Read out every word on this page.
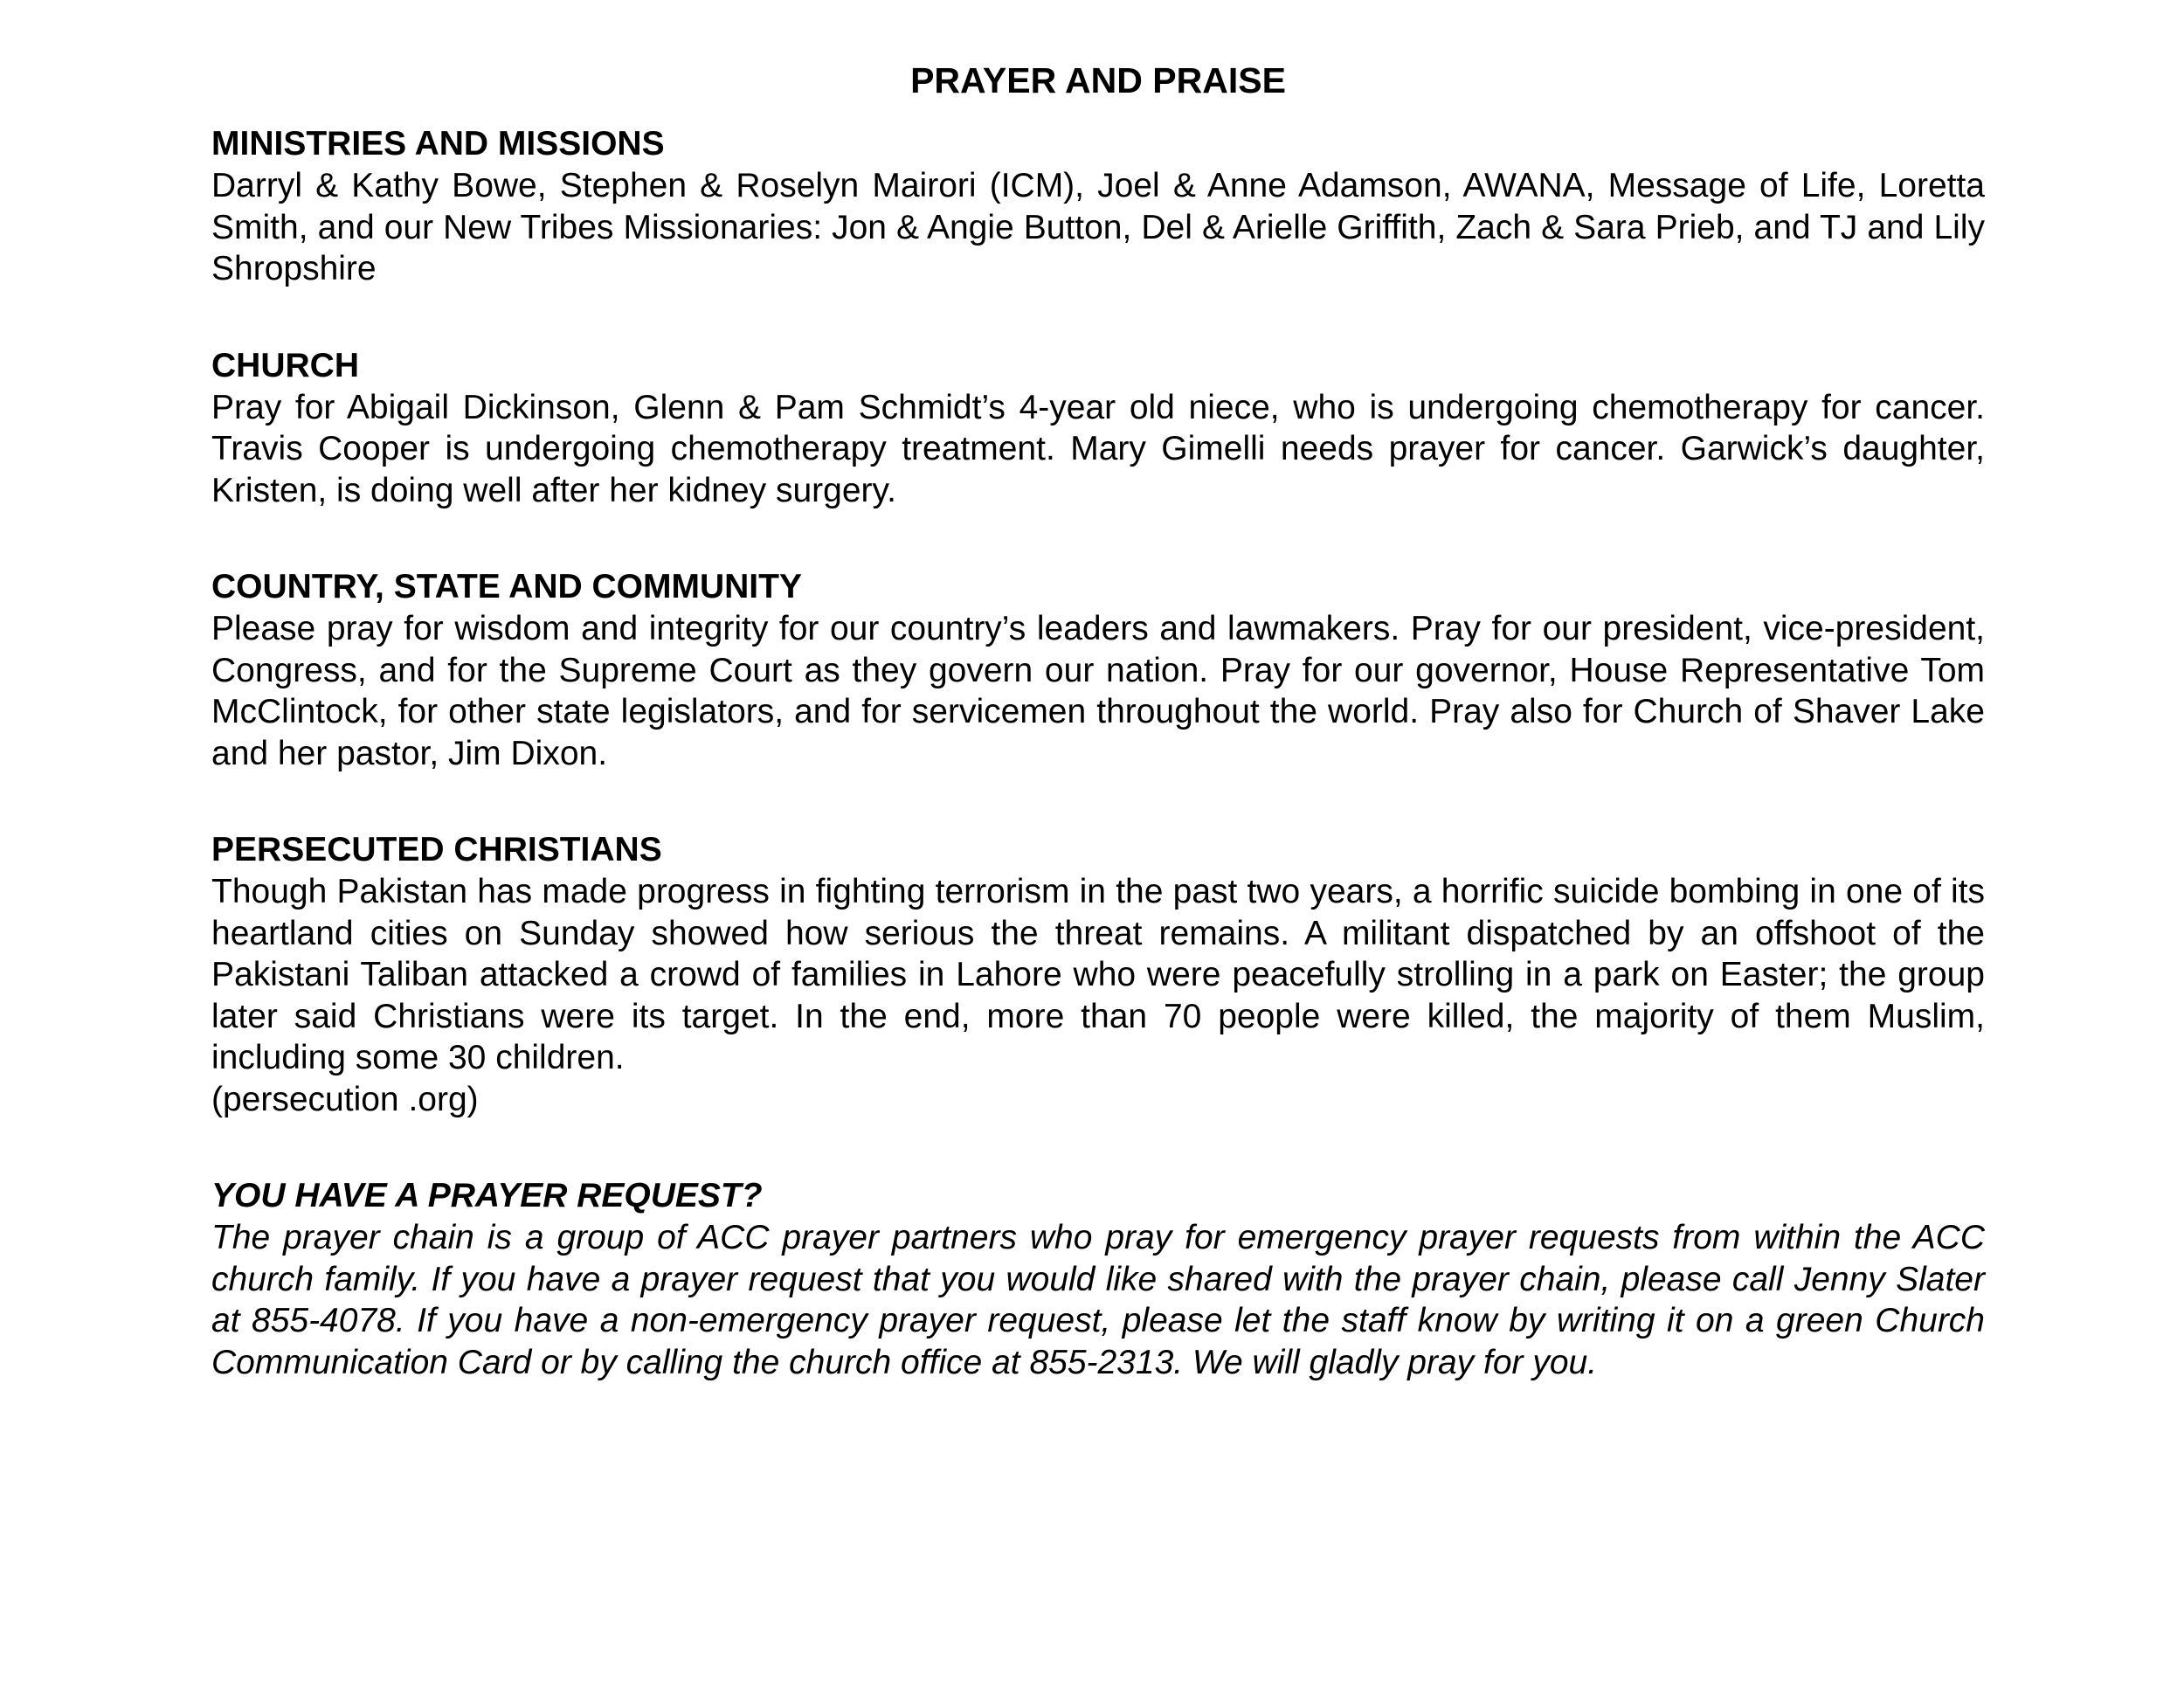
PRAYER AND PRAISE
MINISTRIES AND MISSIONS
Darryl & Kathy Bowe, Stephen & Roselyn Mairori (ICM), Joel & Anne Adamson, AWANA, Message of Life, Loretta Smith, and our New Tribes Missionaries: Jon & Angie Button, Del & Arielle Griffith, Zach & Sara Prieb, and TJ and Lily Shropshire
CHURCH
Pray for Abigail Dickinson, Glenn & Pam Schmidt’s 4-year old niece, who is undergoing chemotherapy for cancer. Travis Cooper is undergoing chemotherapy treatment. Mary Gimelli needs prayer for cancer. Garwick’s daughter, Kristen, is doing well after her kidney surgery.
COUNTRY, STATE AND COMMUNITY
Please pray for wisdom and integrity for our country’s leaders and lawmakers. Pray for our president, vice-president, Congress, and for the Supreme Court as they govern our nation. Pray for our governor, House Representative Tom McClintock, for other state legislators, and for servicemen throughout the world. Pray also for Church of Shaver Lake and her pastor, Jim Dixon.
PERSECUTED CHRISTIANS
Though Pakistan has made progress in fighting terrorism in the past two years, a horrific suicide bombing in one of its heartland cities on Sunday showed how serious the threat remains. A militant dispatched by an offshoot of the Pakistani Taliban attacked a crowd of families in Lahore who were peacefully strolling in a park on Easter; the group later said Christians were its target. In the end, more than 70 people were killed, the majority of them Muslim, including some 30 children.
(persecution .org)
YOU HAVE A PRAYER REQUEST?
The prayer chain is a group of ACC prayer partners who pray for emergency prayer requests from within the ACC church family. If you have a prayer request that you would like shared with the prayer chain, please call Jenny Slater at 855-4078. If you have a non-emergency prayer request, please let the staff know by writing it on a green Church Communication Card or by calling the church office at 855-2313. We will gladly pray for you.
